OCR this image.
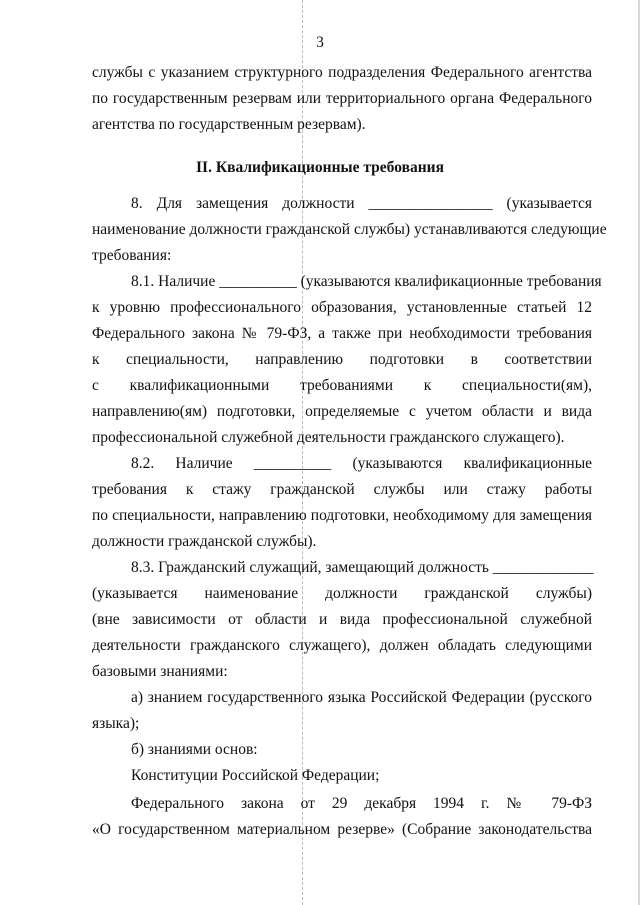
3
службы с указанием структурного подразделения Федерального агентства
по государственным резервам или территориального органа Федерального
агентства по государственным резервам).
II. Квалификационные требования
8. Для замещения должности ________________ (указывается
наименование должности гражданской службы) устанавливаются следующие
требования:
8.1. Наличие __________ (указываются квалификационные требования
к уровню профессионального образования, установленные статьей 12
Федерального закона № 79-ФЗ, а также при необходимости требования
к специальности, направлению подготовки в соответствии
с квалификационными требованиями к специальности(ям),
направлению(ям) подготовки, определяемые с учетом области и вида
профессиональной служебной деятельности гражданского служащего).
8.2. Наличие __________ (указываются квалификационные
требования к стажу гражданской службы или стажу работы
по специальности, направлению подготовки, необходимому для замещения
должности гражданской службы).
8.3. Гражданский служащий, замещающий должность _____________
(указывается наименование должности гражданской службы)
(вне зависимости от области и вида профессиональной служебной
деятельности гражданского служащего), должен обладать следующими
базовыми знаниями:
а) знанием государственного языка Российской Федерации (русского
языка);
б) знаниями основ:
Конституции Российской Федерации;
Федерального закона от 29 декабря 1994 г. № 79-ФЗ
«О государственном материальном резерве» (Собрание законодательства
